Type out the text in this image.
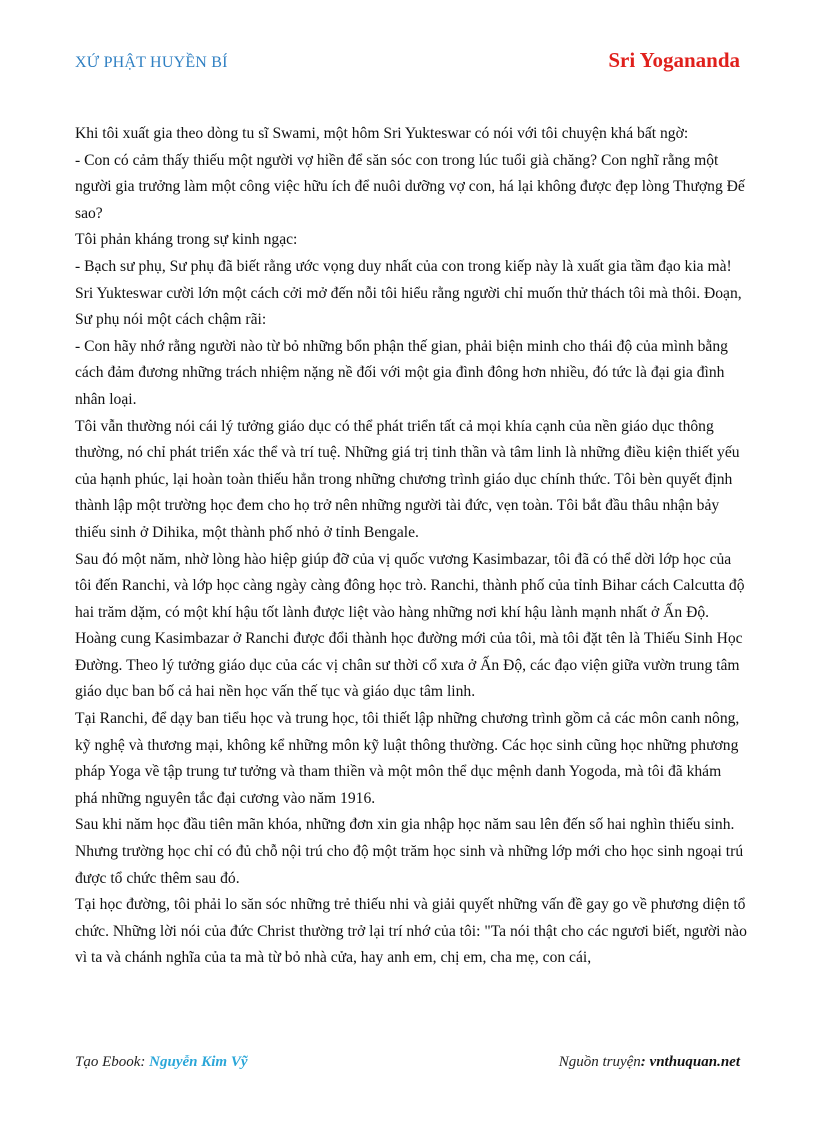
XỨ PHẬT HUYỀN BÍ	Sri Yogananda

Khi tôi xuất gia theo dòng tu sĩ Swami, một hôm Sri Yukteswar có nói với tôi chuyện khá bất ngờ:

- Con có cảm thấy thiếu một người vợ hiền để săn sóc con trong lúc tuổi già chăng? Con nghĩ rằng một người gia trưởng làm một công việc hữu ích để nuôi dưỡng vợ con, há lại không được đẹp lòng Thượng Đế sao?

Tôi phản kháng trong sự kinh ngạc:

- Bạch sư phụ, Sư phụ đã biết rằng ước vọng duy nhất của con trong kiếp này là xuất gia tầm đạo kia mà!

Sri Yukteswar cười lớn một cách cởi mở đến nỗi tôi hiểu rằng người chỉ muốn thử thách tôi mà thôi. Đoạn, Sư phụ nói một cách chậm rãi:

- Con hãy nhớ rằng người nào từ bỏ những bổn phận thế gian, phải biện minh cho thái độ của mình bằng cách đảm đương những trách nhiệm nặng nề đối với một gia đình đông hơn nhiều, đó tức là đại gia đình nhân loại.

Tôi vẫn thường nói cái lý tưởng giáo dục có thể phát triển tất cả mọi khía cạnh của nền giáo dục thông thường, nó chỉ phát triển xác thể và trí tuệ. Những giá trị tinh thần và tâm linh là những điều kiện thiết yếu của hạnh phúc, lại hoàn toàn thiếu hẳn trong những chương trình giáo dục chính thức. Tôi bèn quyết định thành lập một trường học đem cho họ trở nên những người tài đức, vẹn toàn. Tôi bắt đầu thâu nhận bảy thiếu sinh ở Dihika, một thành phố nhỏ ở tỉnh Bengale.

Sau đó một năm, nhờ lòng hào hiệp giúp đỡ của vị quốc vương Kasimbazar, tôi đã có thể dời lớp học của tôi đến Ranchi, và lớp học càng ngày càng đông học trò. Ranchi, thành phố của tỉnh Bihar cách Calcutta độ hai trăm dặm, có một khí hậu tốt lành được liệt vào hàng những nơi khí hậu lành mạnh nhất ở Ấn Độ. Hoàng cung Kasimbazar ở Ranchi được đổi thành học đường mới của tôi, mà tôi đặt tên là Thiếu Sinh Học Đường. Theo lý tưởng giáo dục của các vị chân sư thời cổ xưa ở Ấn Độ, các đạo viện giữa vườn trung tâm giáo dục ban bố cả hai nền học vấn thế tục và giáo dục tâm linh.

Tại Ranchi, để dạy ban tiểu học và trung học, tôi thiết lập những chương trình gồm cả các môn canh nông, kỹ nghệ và thương mại, không kể những môn kỹ luật thông thường. Các học sinh cũng học những phương pháp Yoga về tập trung tư tưởng và tham thiền và một môn thể dục mệnh danh Yogoda, mà tôi đã khám phá những nguyên tắc đại cương vào năm 1916.

Sau khi năm học đầu tiên mãn khóa, những đơn xin gia nhập học năm sau lên đến số hai nghìn thiếu sinh. Nhưng trường học chỉ có đủ chỗ nội trú cho độ một trăm học sinh và những lớp mới cho học sinh ngoại trú được tổ chức thêm sau đó.

Tại học đường, tôi phải lo săn sóc những trẻ thiếu nhi và giải quyết những vấn đề gay go về phương diện tổ chức. Những lời nói của đức Christ thường trở lại trí nhớ của tôi: "Ta nói thật cho các ngươi biết, người nào vì ta và chánh nghĩa của ta mà từ bỏ nhà cửa, hay anh em, chị em, cha mẹ, con cái,

Tạo Ebook: Nguyễn Kim Vỹ	Nguồn truyện: vnthuquan.net
